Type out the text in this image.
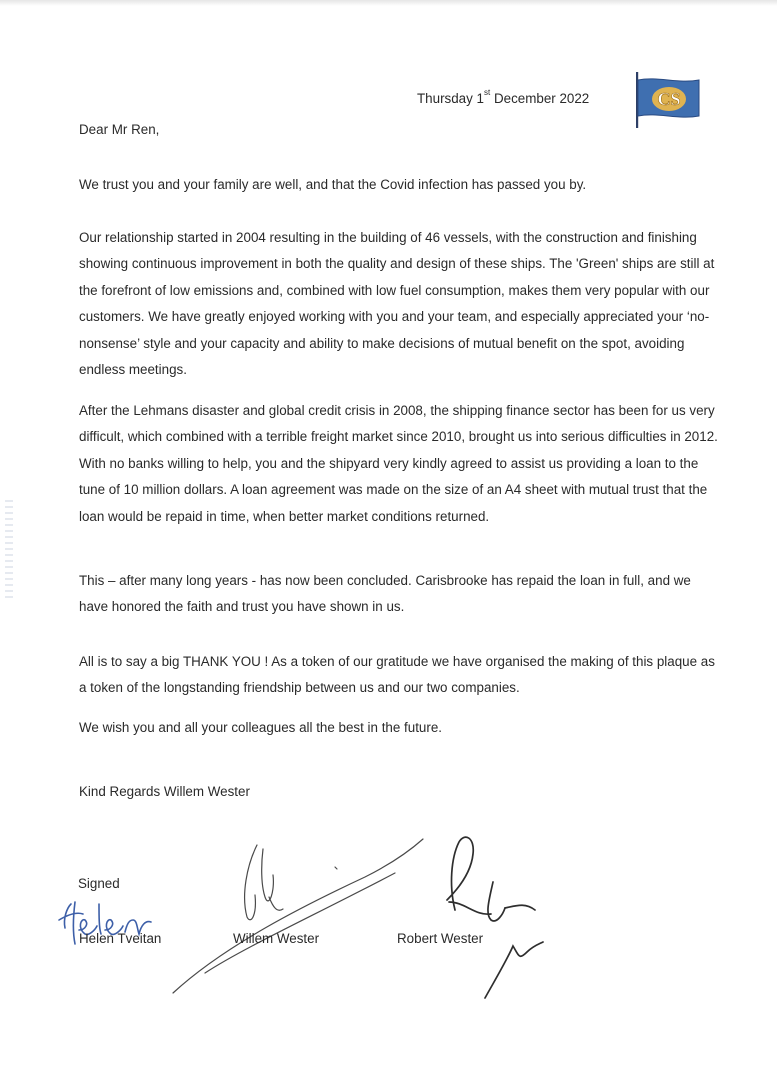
Thursday 1st December 2022	CS
Dear Mr Ren,

We trust you and your family are well, and that the Covid infection has passed you by.

Our relationship started in 2004 resulting in the building of 46 vessels, with the construction and finishing showing continuous improvement in both the quality and design of these ships. The 'Green' ships are still at the forefront of low emissions and, combined with low fuel consumption, makes them very popular with our customers. We have greatly enjoyed working with you and your team, and especially appreciated your ‘no-nonsense’ style and your capacity and ability to make decisions of mutual benefit on the spot, avoiding endless meetings.

After the Lehmans disaster and global credit crisis in 2008, the shipping finance sector has been for us very difficult, which combined with a terrible freight market since 2010, brought us into serious difficulties in 2012. With no banks willing to help, you and the shipyard very kindly agreed to assist us providing a loan to the tune of 10 million dollars. A loan agreement was made on the size of an A4 sheet with mutual trust that the loan would be repaid in time, when better market conditions returned.

This – after many long years - has now been concluded. Carisbrooke has repaid the loan in full, and we have honored the faith and trust you have shown in us.

All is to say a big THANK YOU ! As a token of our gratitude we have organised the making of this plaque as a token of the longstanding friendship between us and our two companies.

We wish you and all your colleagues all the best in the future.

Kind Regards Willem Wester
Signed
Helen Tveitan	Willem Wester	Robert Wester
